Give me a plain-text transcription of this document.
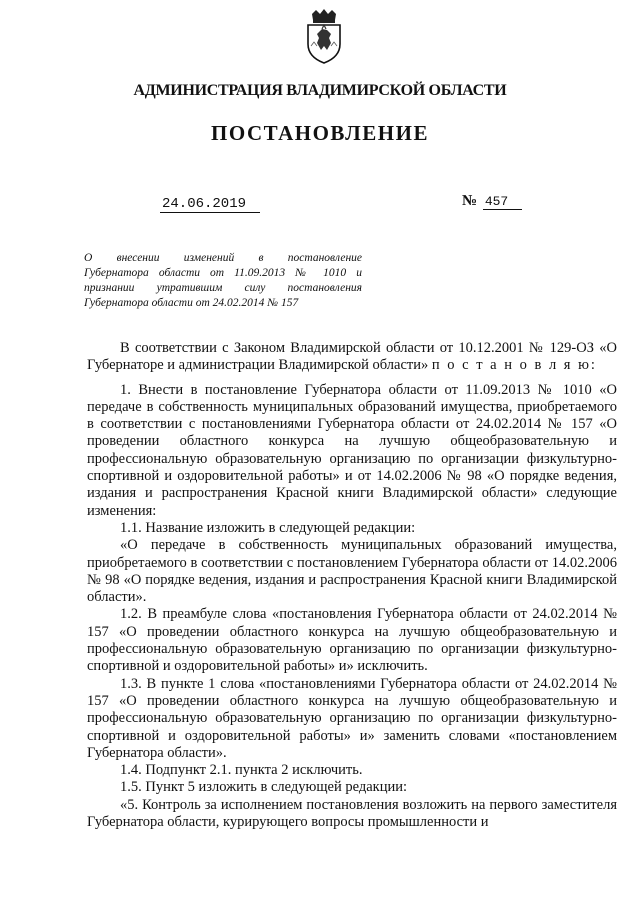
АДМИНИСТРАЦИЯ ВЛАДИМИРСКОЙ ОБЛАСТИ
ПОСТАНОВЛЕНИЕ
24.06.2019	№ 457
О внесении изменений в постановление
Губернатора области от 11.09.2013 № 1010 и
признании утратившим силу постановления
Губернатора области от 24.02.2014 № 157

В соответствии с Законом Владимирской области от 10.12.2001 № 129-ОЗ «О Губернаторе и администрации Владимирской области» п о с т а н о в л я ю:

1. Внести в постановление Губернатора области от 11.09.2013 № 1010 «О передаче в собственность муниципальных образований имущества, приобретаемого в соответствии с постановлениями Губернатора области от 24.02.2014 № 157 «О проведении областного конкурса на лучшую общеобразовательную и профессиональную образовательную организацию по организации физкультурно-спортивной и оздоровительной работы» и от 14.02.2006 № 98 «О порядке ведения, издания и распространения Красной книги Владимирской области» следующие изменения:

1.1. Название изложить в следующей редакции:

«О передаче в собственность муниципальных образований имущества, приобретаемого в соответствии с постановлением Губернатора области от 14.02.2006 № 98 «О порядке ведения, издания и распространения Красной книги Владимирской области».

1.2. В преамбуле слова «постановления Губернатора области от 24.02.2014 № 157 «О проведении областного конкурса на лучшую общеобразовательную и профессиональную образовательную организацию по организации физкультурно-спортивной и оздоровительной работы» и» исключить.

1.3. В пункте 1 слова «постановлениями Губернатора области от 24.02.2014 № 157 «О проведении областного конкурса на лучшую общеобразовательную и профессиональную образовательную организацию по организации физкультурно-спортивной и оздоровительной работы» и» заменить словами «постановлением Губернатора области».

1.4. Подпункт 2.1. пункта 2 исключить.

1.5. Пункт 5 изложить в следующей редакции:

«5. Контроль за исполнением постановления возложить на первого заместителя Губернатора области, курирующего вопросы промышленности и
